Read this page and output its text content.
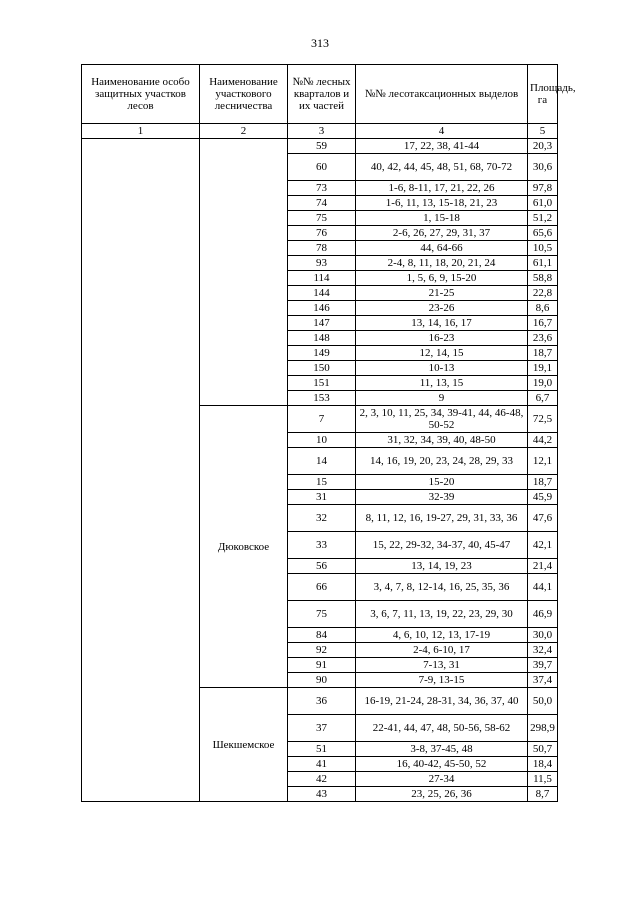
313
Наименование особо защитных участков лесов	Наименование участкового лесничества	№№ лесных кварталов и их частей	№№ лесотаксационных выделов	Площадь, га
1	2	3	4	5
		59	17, 22, 38, 41-44	20,3
		60	40, 42, 44, 45, 48, 51, 68, 70-72	30,6
		73	1-6, 8-11, 17, 21, 22, 26	97,8
		74	1-6, 11, 13, 15-18, 21, 23	61,0
		75	1, 15-18	51,2
		76	2-6, 26, 27, 29, 31, 37	65,6
		78	44, 64-66	10,5
		93	2-4, 8, 11, 18, 20, 21, 24	61,1
		114	1, 5, 6, 9, 15-20	58,8
		144	21-25	22,8
		146	23-26	8,6
		147	13, 14, 16, 17	16,7
		148	16-23	23,6
		149	12, 14, 15	18,7
		150	10-13	19,1
		151	11, 13, 15	19,0
		153	9	6,7
	Дюковское	7	2, 3, 10, 11, 25, 34, 39-41, 44, 46-48, 50-52	72,5
		10	31, 32, 34, 39, 40, 48-50	44,2
		14	14, 16, 19, 20, 23, 24, 28, 29, 33	12,1
		15	15-20	18,7
		31	32-39	45,9
		32	8, 11, 12, 16, 19-27, 29, 31, 33, 36	47,6
		33	15, 22, 29-32, 34-37, 40, 45-47	42,1
		56	13, 14, 19, 23	21,4
		66	3, 4, 7, 8, 12-14, 16, 25, 35, 36	44,1
		75	3, 6, 7, 11, 13, 19, 22, 23, 29, 30	46,9
		84	4, 6, 10, 12, 13, 17-19	30,0
		92	2-4, 6-10, 17	32,4
		91	7-13, 31	39,7
		90	7-9, 13-15	37,4
	Шекшемское	36	16-19, 21-24, 28-31, 34, 36, 37, 40	50,0
		37	22-41, 44, 47, 48, 50-56, 58-62	298,9
		51	3-8, 37-45, 48	50,7
		41	16, 40-42, 45-50, 52	18,4
		42	27-34	11,5
		43	23, 25, 26, 36	8,7
